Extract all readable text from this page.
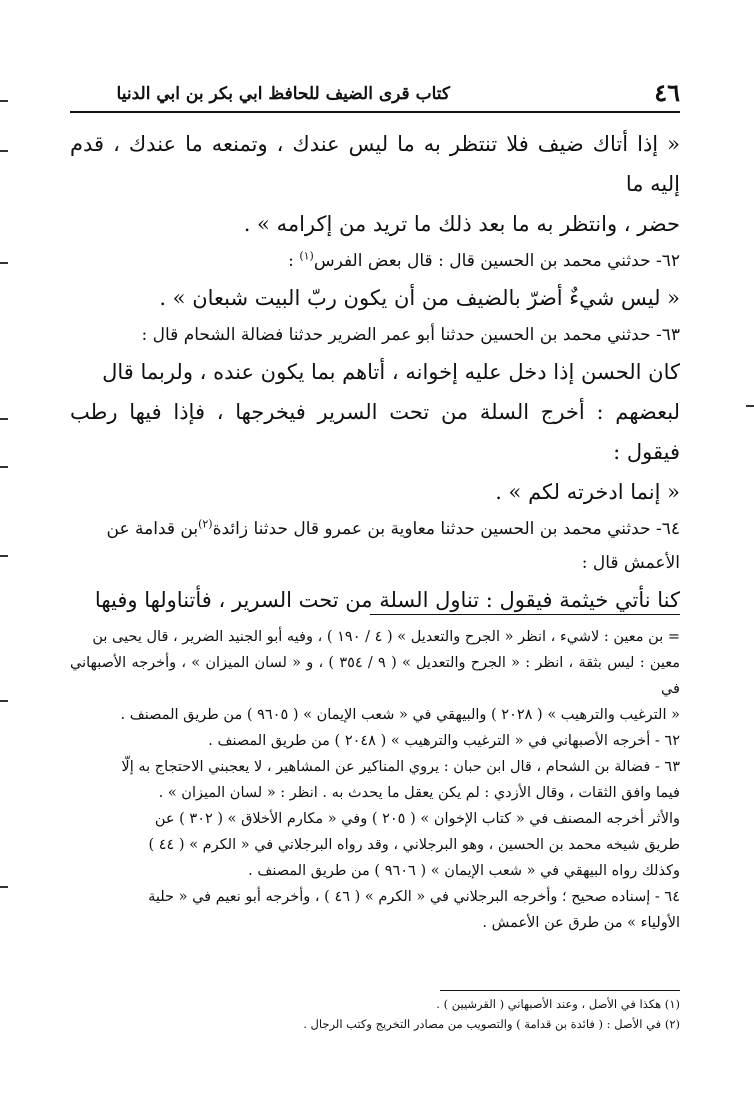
٤٦
كتاب قرى الضيف للحافظ ابي بكر بن ابي الدنيا

« إذا أتاك ضيف فلا تنتظر به ما ليس عندك ، وتمنعه ما عندك ، قدم إليه ما

حضر ، وانتظر به ما بعد ذلك ما تريد من إكرامه » .

٦٢- حدثني محمد بن الحسين قال : قال بعض الفرس$^{(١)}$ :

« ليس شيءٌ أضرّ بالضيف من أن يكون ربّ البيت شبعان » .

٦٣- حدثني محمد بن الحسين حدثنا أبو عمر الضرير حدثنا فضالة الشحام قال :

كان الحسن إذا دخل عليه إخوانه ، أتاهم بما يكون عنده ، ولربما قال

لبعضهم : أخرج السلة من تحت السرير فيخرجها ، فإذا فيها رطب فيقول :

« إنما ادخرته لكم » .

٦٤- حدثني محمد بن الحسين حدثنا معاوية بن عمرو قال حدثنا زائدة$^{(٢)}$بن قدامة عن

الأعمش قال :

كنا نأتي خيثمة فيقول : تناول السلة من تحت السرير ، فأتناولها وفيها

= بن معين : لاشيء ، انظر « الجرح والتعديل » ( ٤ / ١٩٠ ) ، وفيه أبو الجنيد الضرير ، قال يحيى بن

معين : ليس بثقة ، انظر : « الجرح والتعديل » ( ٩ / ٣٥٤ ) ، و « لسان الميزان » ، وأخرجه الأصبهاني في

« الترغيب والترهيب » ( ٢٠٢٨ ) والبيهقي في « شعب الإيمان » ( ٩٦٠٥ ) من طريق المصنف .

٦٢ - أخرجه الأصبهاني في « الترغيب والترهيب » ( ٢٠٤٨ ) من طريق المصنف .

٦٣ - فضالة بن الشحام ، قال ابن حبان : يروي المناكير عن المشاهير ، لا يعجبني الاحتجاج به إلّا

فيما وافق الثقات ، وقال الأزدي : لم يكن يعقل ما يحدث به . انظر : « لسان الميزان » .

والأثر أخرجه المصنف في « كتاب الإخوان » ( ٢٠٥ ) وفي « مكارم الأخلاق » ( ٣٠٢ ) عن

طريق شيخه محمد بن الحسين ، وهو البرجلاني ، وقد رواه البرجلاني في « الكرم » ( ٤٤ )

وكذلك رواه البيهقي في « شعب الإيمان » ( ٩٦٠٦ ) من طريق المصنف .

٦٤ - إسناده صحيح ؛ وأخرجه البرجلاني في « الكرم » ( ٤٦ ) ، وأخرجه أبو نعيم في « حلية

الأولياء » من طرق عن الأعمش .

(١) هكذا في الأصل ، وعند الأصبهاني ( القرشيين ) .

(٢) في الأصل : ( فائدة بن قدامة ) والتصويب من مصادر التخريج وكتب الرجال .
